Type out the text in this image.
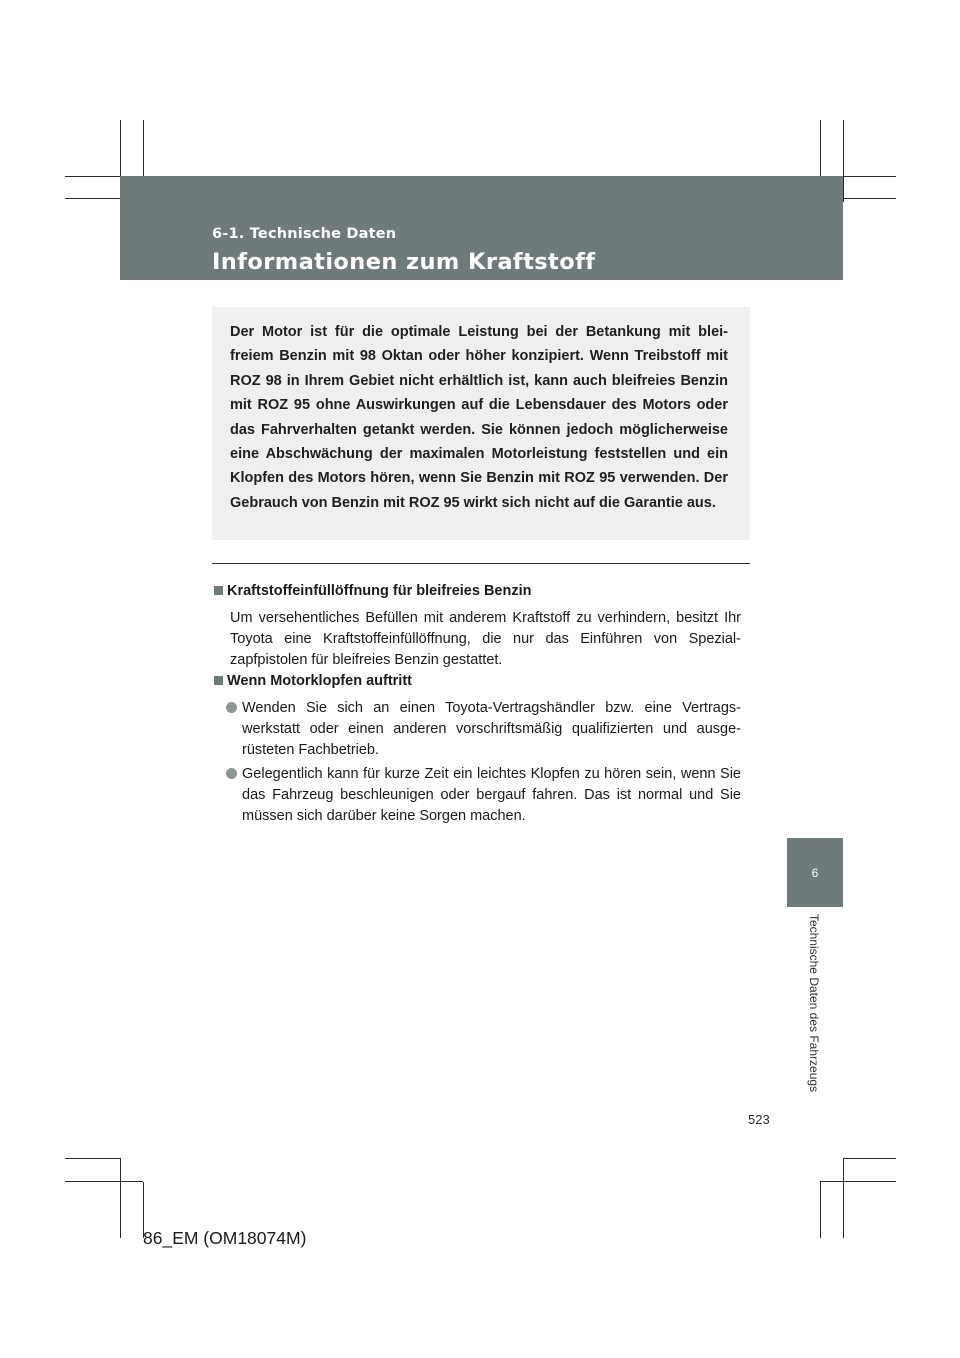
6-1. Technische Daten
Informationen zum Kraftstoff
Der Motor ist für die optimale Leistung bei der Betankung mit blei-freiem Benzin mit 98 Oktan oder höher konzipiert. Wenn Treibstoff mit ROZ 98 in Ihrem Gebiet nicht erhältlich ist, kann auch bleifreies Benzin mit ROZ 95 ohne Auswirkungen auf die Lebensdauer des Motors oder das Fahrverhalten getankt werden. Sie können jedoch möglicherweise eine Abschwächung der maximalen Motorleistung feststellen und ein Klopfen des Motors hören, wenn Sie Benzin mit ROZ 95 verwenden. Der Gebrauch von Benzin mit ROZ 95 wirkt sich nicht auf die Garantie aus.
Kraftstoffeinfüllöffnung für bleifreies Benzin
Um versehentliches Befüllen mit anderem Kraftstoff zu verhindern, besitzt Ihr Toyota eine Kraftstoffeinfüllöffnung, die nur das Einführen von Spezial-zapfpistolen für bleifreies Benzin gestattet.
Wenn Motorklopfen auftritt
Wenden Sie sich an einen Toyota-Vertragshändler bzw. eine Vertrags-werkstatt oder einen anderen vorschriftsmäßig qualifizierten und ausge-rüsteten Fachbetrieb.
Gelegentlich kann für kurze Zeit ein leichtes Klopfen zu hören sein, wenn Sie das Fahrzeug beschleunigen oder bergauf fahren. Das ist normal und Sie müssen sich darüber keine Sorgen machen.
6
Technische Daten des Fahrzeugs
523
86_EM (OM18074M)
